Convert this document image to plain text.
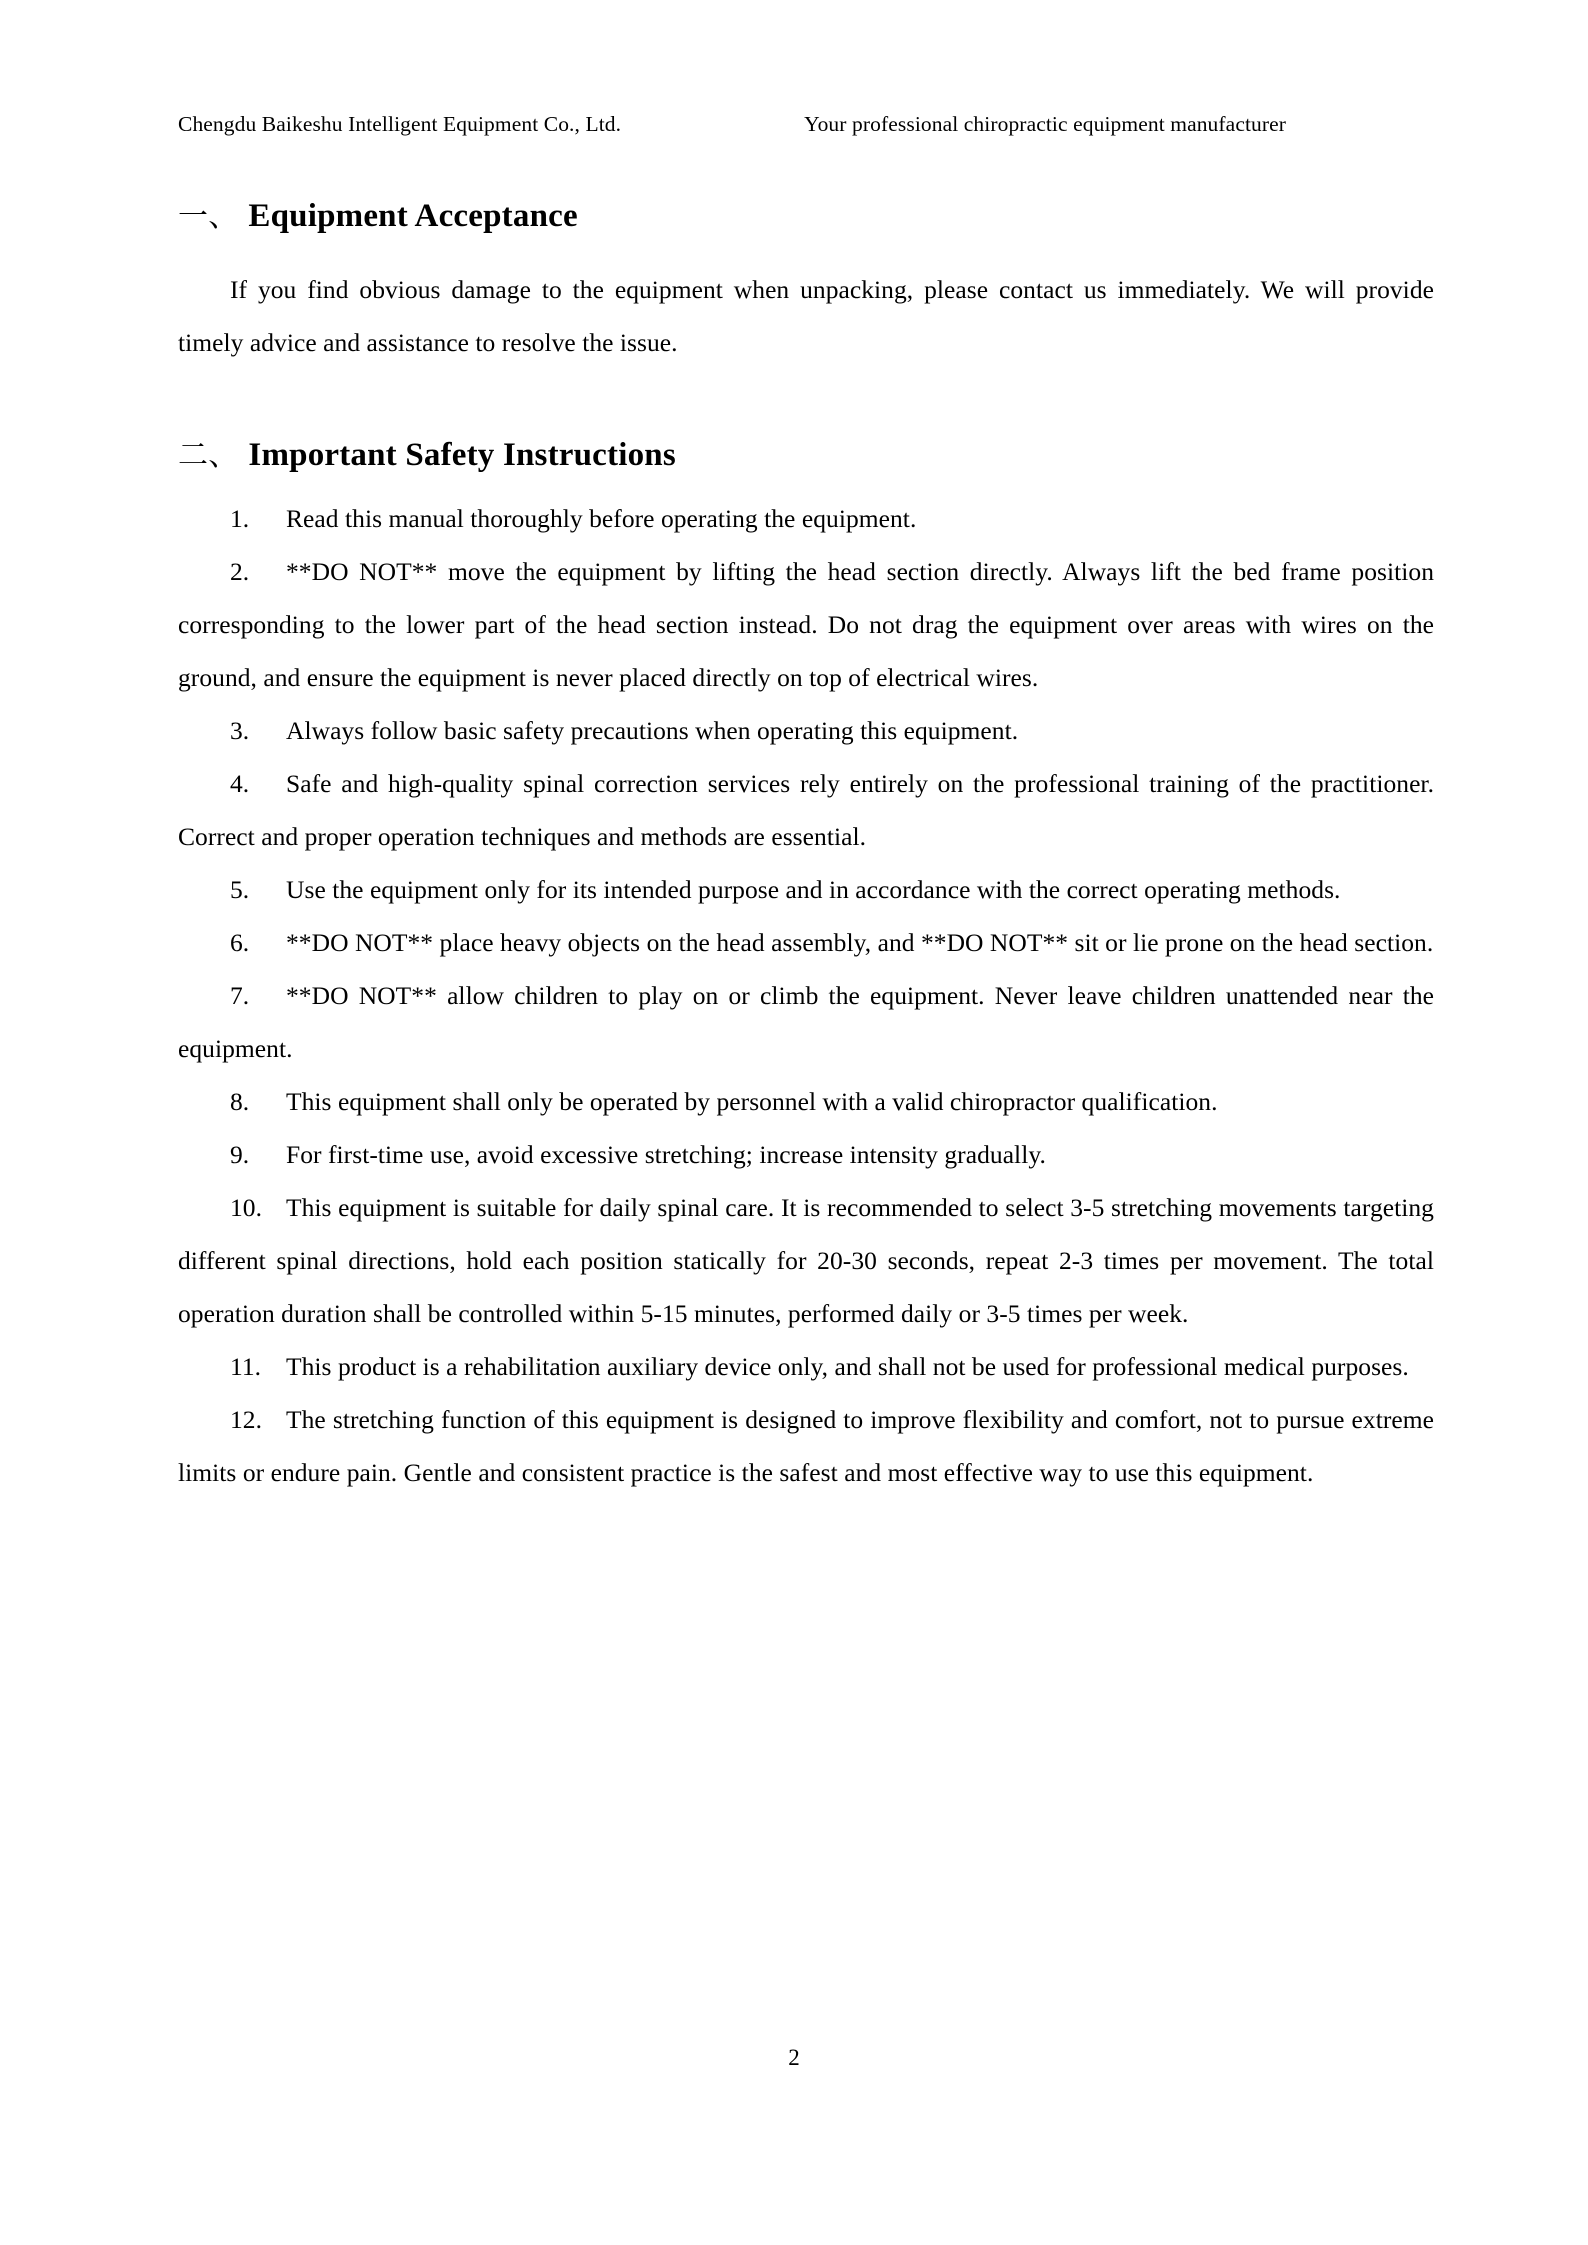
Chengdu Baikeshu Intelligent Equipment Co., Ltd.	Your professional chiropractic equipment manufacturer
一、 Equipment Acceptance

If you find obvious damage to the equipment when unpacking, please contact us immediately. We will provide timely advice and assistance to resolve the issue.

二、 Important Safety Instructions
1. Read this manual thoroughly before operating the equipment.
2. **DO NOT** move the equipment by lifting the head section directly. Always lift the bed frame position corresponding to the lower part of the head section instead. Do not drag the equipment over areas with wires on the ground, and ensure the equipment is never placed directly on top of electrical wires.
3. Always follow basic safety precautions when operating this equipment.
4. Safe and high-quality spinal correction services rely entirely on the professional training of the practitioner. Correct and proper operation techniques and methods are essential.
5. Use the equipment only for its intended purpose and in accordance with the correct operating methods.
6. **DO NOT** place heavy objects on the head assembly, and **DO NOT** sit or lie prone on the head section.
7. **DO NOT** allow children to play on or climb the equipment. Never leave children unattended near the equipment.
8. This equipment shall only be operated by personnel with a valid chiropractor qualification.
9. For first-time use, avoid excessive stretching; increase intensity gradually.
10. This equipment is suitable for daily spinal care. It is recommended to select 3-5 stretching movements targeting different spinal directions, hold each position statically for 20-30 seconds, repeat 2-3 times per movement. The total operation duration shall be controlled within 5-15 minutes, performed daily or 3-5 times per week.
11. This product is a rehabilitation auxiliary device only, and shall not be used for professional medical purposes.
12. The stretching function of this equipment is designed to improve flexibility and comfort, not to pursue extreme limits or endure pain. Gentle and consistent practice is the safest and most effective way to use this equipment.
2
